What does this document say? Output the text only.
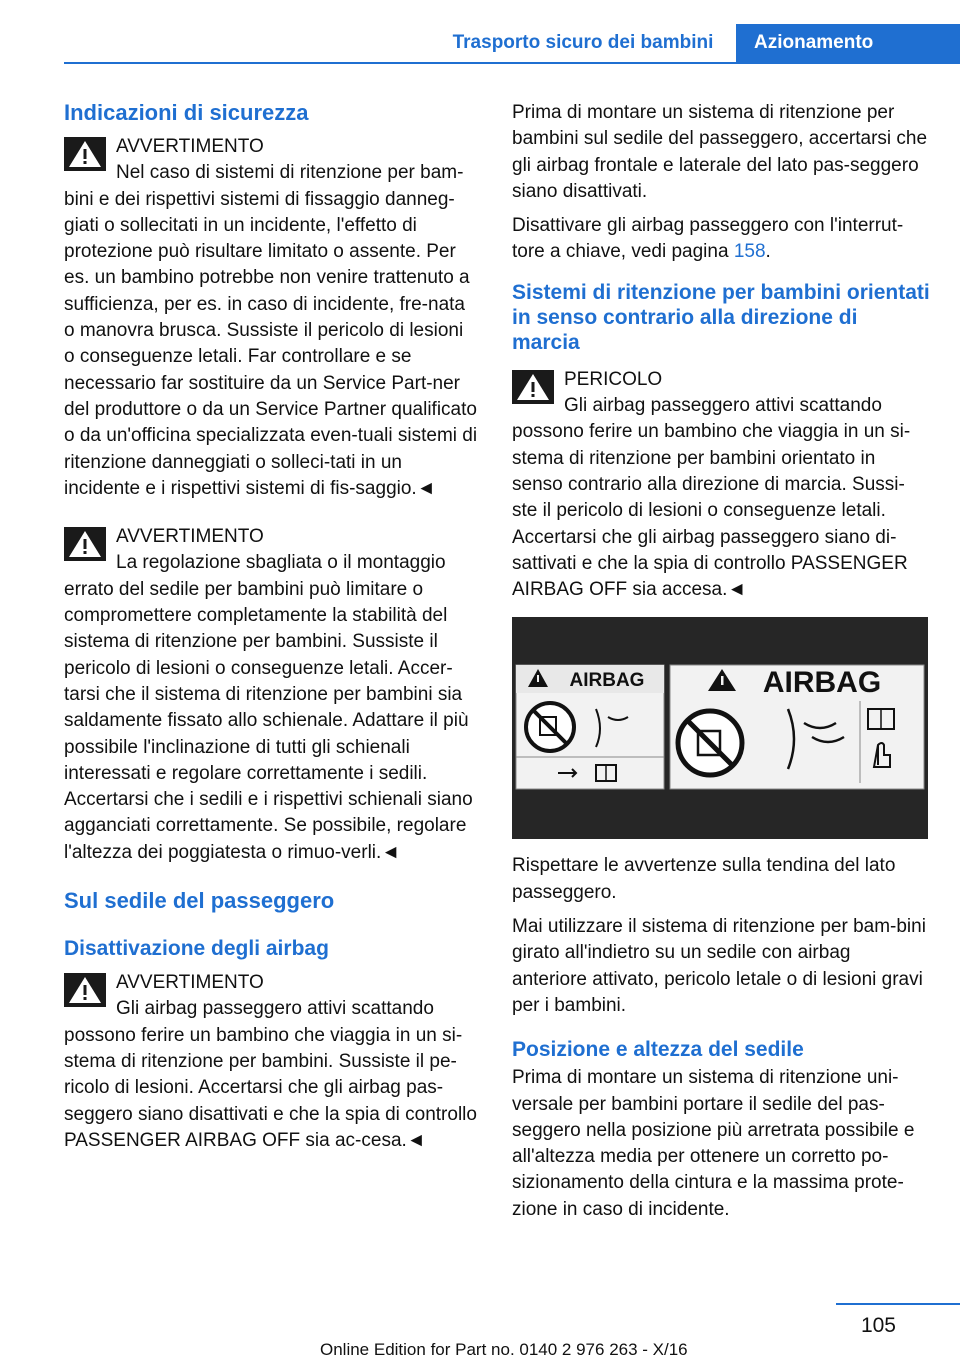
Trasporto sicuro dei bambini	Azionamento
Indicazioni di sicurezza
AVVERTIMENTO
Nel caso di sistemi di ritenzione per bam-bini e dei rispettivi sistemi di fissaggio danneg-giati o sollecitati in un incidente, l'effetto di protezione può risultare limitato o assente. Per es. un bambino potrebbe non venire trattenuto a sufficienza, per es. in caso di incidente, fre-nata o manovra brusca. Sussiste il pericolo di lesioni o conseguenze letali. Far controllare e se necessario far sostituire da un Service Part-ner del produttore o da un Service Partner qualificato o da un'officina specializzata even-tuali sistemi di ritenzione danneggiati o solleci-tati in un incidente e i rispettivi sistemi di fis-saggio.◄
AVVERTIMENTO
La regolazione sbagliata o il montaggio errato del sedile per bambini può limitare o compromettere completamente la stabilità del sistema di ritenzione per bambini. Sussiste il pericolo di lesioni o conseguenze letali. Accer-tarsi che il sistema di ritenzione per bambini sia saldamente fissato allo schienale. Adattare il più possibile l'inclinazione di tutti gli schienali interessati e regolare correttamente i sedili. Accertarsi che i sedili e i rispettivi schienali siano agganciati correttamente. Se possibile, regolare l'altezza dei poggiatesta o rimuo-verli.◄
Sul sedile del passeggero
Disattivazione degli airbag
AVVERTIMENTO
Gli airbag passeggero attivi scattando possono ferire un bambino che viaggia in un si-stema di ritenzione per bambini. Sussiste il pe-ricolo di lesioni. Accertarsi che gli airbag pas-seggero siano disattivati e che la spia di controllo PASSENGER AIRBAG OFF sia ac-cesa.◄

Prima di montare un sistema di ritenzione per bambini sul sedile del passeggero, accertarsi che gli airbag frontale e laterale del lato pas-seggero siano disattivati.

Disattivare gli airbag passeggero con l'interrut-tore a chiave, vedi pagina 158.

Sistemi di ritenzione per bambini orientati in senso contrario alla direzione di marcia
PERICOLO
Gli airbag passeggero attivi scattando possono ferire un bambino che viaggia in un si-stema di ritenzione per bambini orientato in senso contrario alla direzione di marcia. Sussi-ste il pericolo di lesioni o conseguenze letali. Accertarsi che gli airbag passeggero siano di-sattivati e che la spia di controllo PASSENGER AIRBAG OFF sia accesa.◄
AIRBAG	AIRBAG

Rispettare le avvertenze sulla tendina del lato passeggero.

Mai utilizzare il sistema di ritenzione per bam-bini girato all'indietro su un sedile con airbag anteriore attivato, pericolo letale o di lesioni gravi per i bambini.

Posizione e altezza del sedile

Prima di montare un sistema di ritenzione uni-versale per bambini portare il sedile del pas-seggero nella posizione più arretrata possibile e all'altezza media per ottenere un corretto po-sizionamento della cintura e la massima prote-zione in caso di incidente.

105
Online Edition for Part no. 0140 2 976 263 - X/16
